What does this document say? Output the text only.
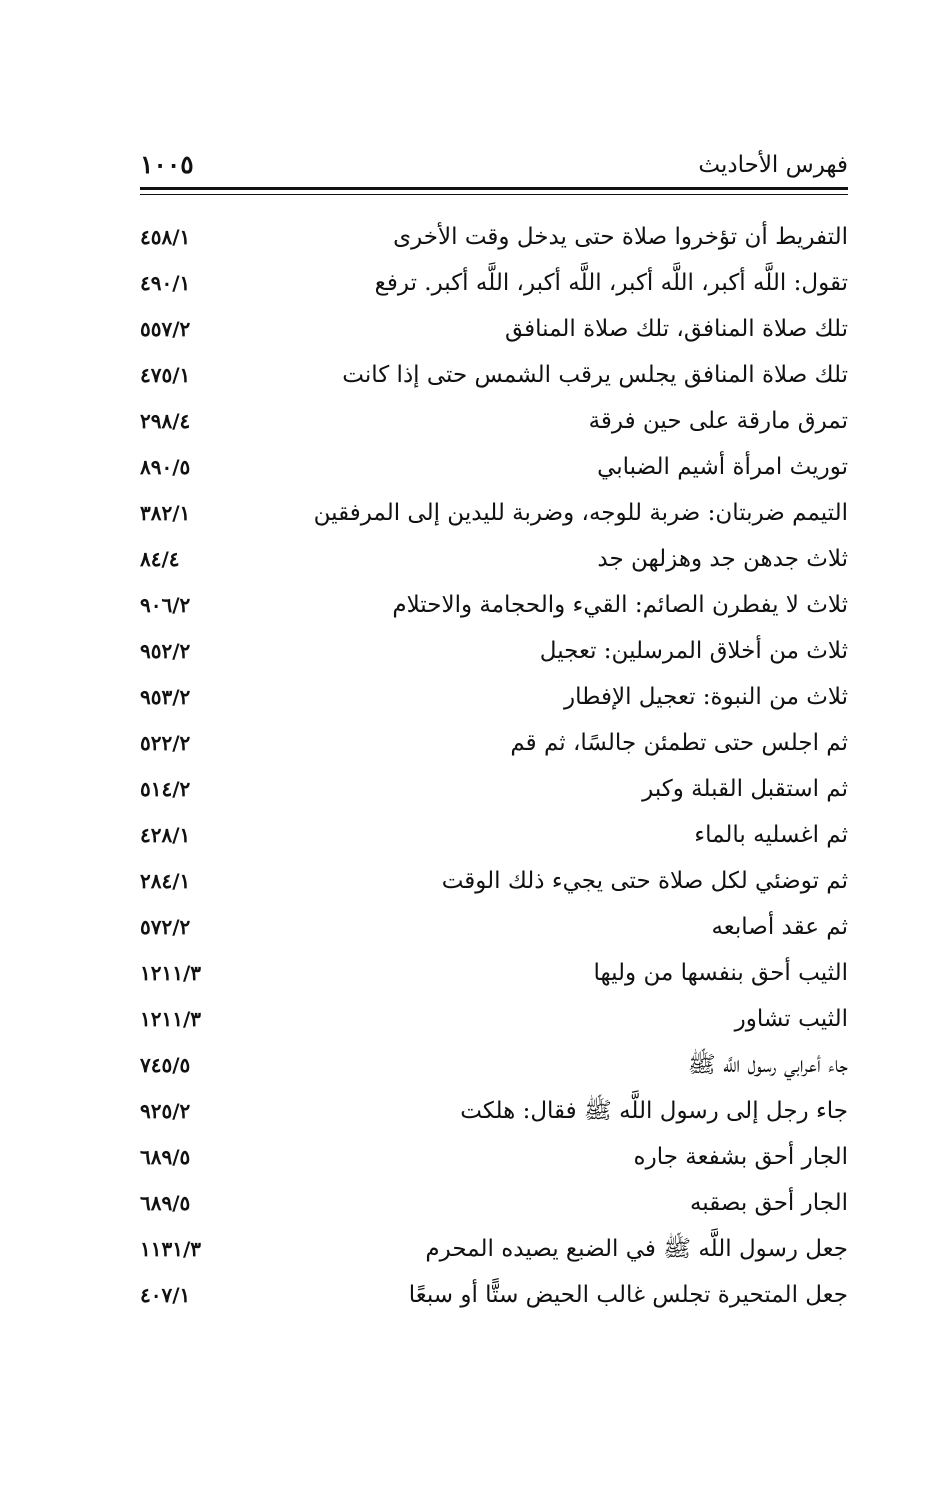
فهرس الأحاديث
١٠٠٥
التفريط أن تؤخروا صلاة حتى يدخل وقت الأخرى
٤٥٨/١
تقول: اللَّه أكبر، اللَّه أكبر، اللَّه أكبر، اللَّه أكبر. ترفع
٤٩٠/١
تلك صلاة المنافق، تلك صلاة المنافق
٥٥٧/٢
تلك صلاة المنافق يجلس يرقب الشمس حتى إذا كانت
٤٧٥/١
تمرق مارقة على حين فرقة
٢٩٨/٤
توريث امرأة أشيم الضبابي
٨٩٠/٥
التيمم ضربتان: ضربة للوجه، وضربة لليدين إلى المرفقين
٣٨٢/١
ثلاث جدهن جد وهزلهن جد
٨٤/٤
ثلاث لا يفطرن الصائم: القيء والحجامة والاحتلام
٩٠٦/٢
ثلاث من أخلاق المرسلين: تعجيل
٩٥٢/٢
ثلاث من النبوة: تعجيل الإفطار
٩٥٣/٢
ثم اجلس حتى تطمئن جالسًا، ثم قم
٥٢٢/٢
ثم استقبل القبلة وكبر
٥١٤/٢
ثم اغسليه بالماء
٤٢٨/١
ثم توضئي لكل صلاة حتى يجيء ذلك الوقت
٢٨٤/١
ثم عقد أصابعه
٥٧٢/٢
الثيب أحق بنفسها من وليها
١٢١١/٣
الثيب تشاور
١٢١١/٣
جاء أعرابي رسول اللَّه ﷺ
٧٤٥/٥
جاء رجل إلى رسول اللَّه ﷺ فقال: هلكت
٩٢٥/٢
الجار أحق بشفعة جاره
٦٨٩/٥
الجار أحق بصقبه
٦٨٩/٥
جعل رسول اللَّه ﷺ في الضبع يصيده المحرم
١١٣١/٣
جعل المتحيرة تجلس غالب الحيض ستًّا أو سبعًا
٤٠٧/١
